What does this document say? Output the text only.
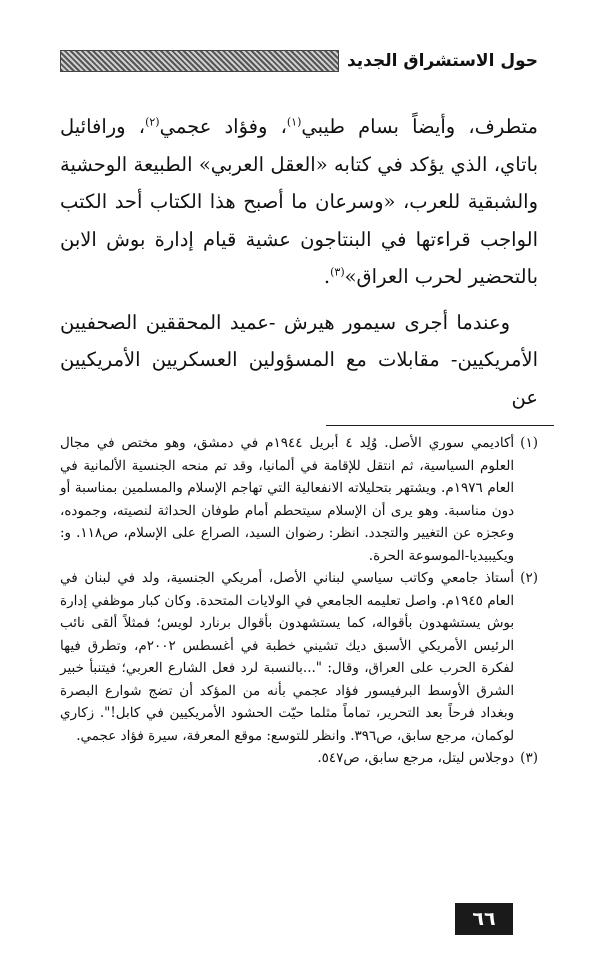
حول الاستشراق الجديد

متطرف، وأيضاً بسام طيبي$^{(١)}$، وفؤاد عجمي$^{(٢)}$، ورافائيل باتاي، الذي يؤكد في كتابه «العقل العربي» الطبيعة الوحشية والشبقية للعرب، «وسرعان ما أصبح هذا الكتاب أحد الكتب الواجب قراءتها في البنتاجون عشية قيام إدارة بوش الابن بالتحضير لحرب العراق»$^{(٣)}$.

وعندما أجرى سيمور هيرش -عميد المحققين الصحفيين الأمريكيين- مقابلات مع المسؤولين العسكريين الأمريكيين عن

(١)
أكاديمي سوري الأصل. وُلِد ٤ أبريل ١٩٤٤م في دمشق، وهو مختص في مجال العلوم السياسية، ثم انتقل للإقامة في ألمانيا، وقد تم منحه الجنسية الألمانية في العام ١٩٧٦م. ويشتهر بتحليلاته الانفعالية التي تهاجم الإسلام والمسلمين بمناسبة أو دون مناسبة. وهو يرى أن الإسلام سيتحطم أمام طوفان الحداثة لنصيته، وجموده، وعجزه عن التغيير والتجدد. انظر: رضوان السيد، الصراع على الإسلام، ص١١٨. و: ويكيبيديا-الموسوعة الحرة.
(٢)
أستاذ جامعي وكاتب سياسي لبناني الأصل، أمريكي الجنسية، ولد في لبنان في العام ١٩٤٥م. واصل تعليمه الجامعي في الولايات المتحدة. وكان كبار موظفي إدارة بوش يستشهدون بأقواله، كما يستشهدون بأقوال برنارد لويس؛ فمثلاً ألقى نائب الرئيس الأمريكي الأسبق ديك تشيني خطبة في أغسطس ٢٠٠٢م، وتطرق فيها لفكرة الحرب على العراق، وقال: "...بالنسبة لرد فعل الشارع العربي؛ فيتنبأ خبير الشرق الأوسط البرفيسور فؤاد عجمي بأنه من المؤكد أن تضج شوارع البصرة وبغداد فرحاً بعد التحرير، تماماً مثلما حيّت الحشود الأمريكيين في كابل!". زكاري لوكمان، مرجع سابق، ص٣٩٦. وانظر للتوسع: موقع المعرفة، سيرة فؤاد عجمي.
(٣)
دوجلاس ليتل، مرجع سابق، ص٥٤٧.
٦٦
